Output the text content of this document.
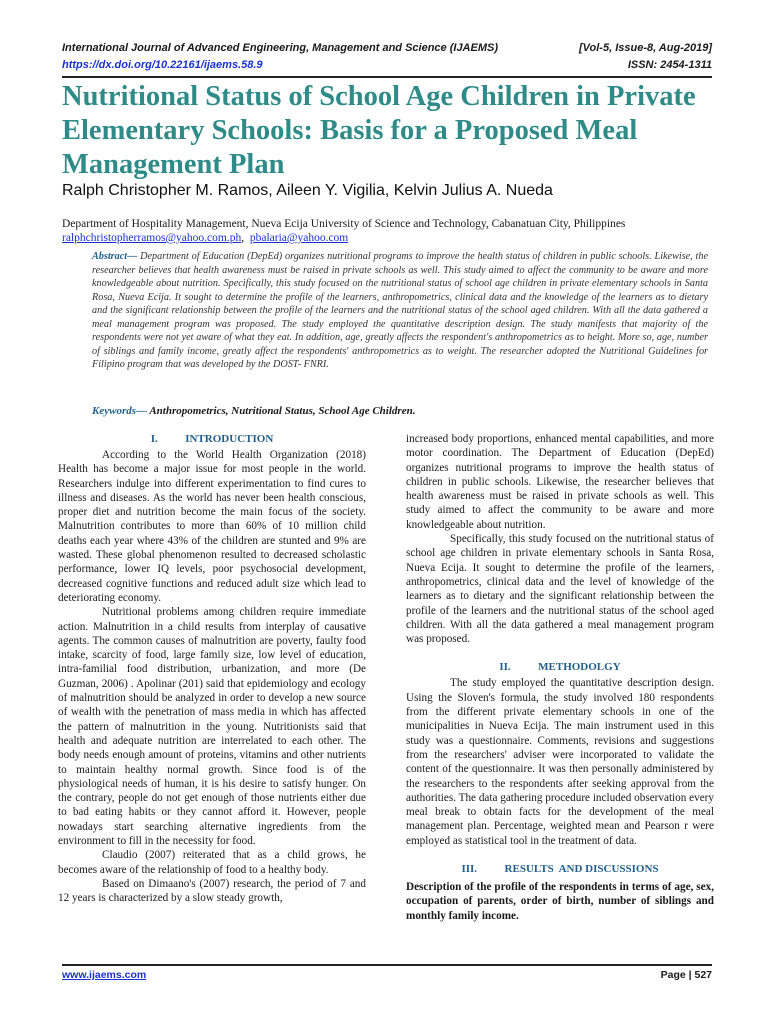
International Journal of Advanced Engineering, Management and Science (IJAEMS)	[Vol-5, Issue-8, Aug-2019]
https://dx.doi.org/10.22161/ijaems.58.9	ISSN: 2454-1311
Nutritional Status of School Age Children in Private Elementary Schools: Basis for a Proposed Meal Management Plan
Ralph Christopher M. Ramos, Aileen Y. Vigilia, Kelvin Julius A. Nueda
Department of Hospitality Management, Nueva Ecija University of Science and Technology, Cabanatuan City, Philippines
ralphchristopherramos@yahoo.com.ph,  pbalaria@yahoo.com
Abstract— Department of Education (DepEd) organizes nutritional programs to improve the health status of children in public schools. Likewise, the researcher believes that health awareness must be raised in private schools as well. This study aimed to affect the community to be aware and more knowledgeable about nutrition. Specifically, this study focused on the nutritional status of school age children in private elementary schools in Santa Rosa, Nueva Ecija. It sought to determine the profile of the learners, anthropometrics, clinical data and the knowledge of the learners as to dietary and the significant relationship between the profile of the learners and the nutritional status of the school aged children. With all the data gathered a meal management program was proposed. The study employed the quantitative description design. The study manifests that majority of the respondents were not yet aware of what they eat. In addition, age, greatly affects the respondent's anthropometrics as to height. More so, age, number of siblings and family income, greatly affect the respondents' anthropometrics as to weight. The researcher adopted the Nutritional Guidelines for Filipino program that was developed by the DOST- FNRI.
Keywords— Anthropometrics, Nutritional Status, School Age Children.
I.          INTRODUCTION

According to the World Health Organization (2018) Health has become a major issue for most people in the world. Researchers indulge into different experimentation to find cures to illness and diseases. As the world has never been health conscious, proper diet and nutrition become the main focus of the society. Malnutrition contributes to more than 60% of 10 million child deaths each year where 43% of the children are stunted and 9% are wasted. These global phenomenon resulted to decreased scholastic performance, lower IQ levels, poor psychosocial development, decreased cognitive functions and reduced adult size which lead to deteriorating economy.

Nutritional problems among children require immediate action. Malnutrition in a child results from interplay of causative agents. The common causes of malnutrition are poverty, faulty food intake, scarcity of food, large family size, low level of education, intra-familial food distribution, urbanization, and more (De Guzman, 2006) . Apolinar (201) said that epidemiology and ecology of malnutrition should be analyzed in order to develop a new source of wealth with the penetration of mass media in which has affected the pattern of malnutrition in the young. Nutritionists said that health and adequate nutrition are interrelated to each other. The body needs enough amount of proteins, vitamins and other nutrients to maintain healthy normal growth. Since food is of the physiological needs of human, it is his desire to satisfy hunger. On the contrary, people do not get enough of those nutrients either due to bad eating habits or they cannot afford it. However, people nowadays start searching alternative ingredients from the environment to fill in the necessity for food.

Claudio (2007) reiterated that as a child grows, he becomes aware of the relationship of food to a healthy body.

Based on Dimaano's (2007) research, the period of 7 and 12 years is characterized by a slow steady growth,

increased body proportions, enhanced mental capabilities, and more motor coordination. The Department of Education (DepEd) organizes nutritional programs to improve the health status of children in public schools. Likewise, the researcher believes that health awareness must be raised in private schools as well. This study aimed to affect the community to be aware and more knowledgeable about nutrition.

Specifically, this study focused on the nutritional status of school age children in private elementary schools in Santa Rosa, Nueva Ecija. It sought to determine the profile of the learners, anthropometrics, clinical data and the level of knowledge of the learners as to dietary and the significant relationship between the profile of the learners and the nutritional status of the school aged children. With all the data gathered a meal management program was proposed.

II.          METHODOLGY

The study employed the quantitative description design. Using the Sloven's formula, the study involved 180 respondents from the different private elementary schools in one of the municipalities in Nueva Ecija. The main instrument used in this study was a questionnaire. Comments, revisions and suggestions from the researchers' adviser were incorporated to validate the content of the questionnaire. It was then personally administered by the researchers to the respondents after seeking approval from the authorities. The data gathering procedure included observation every meal break to obtain facts for the development of the meal management plan. Percentage, weighted mean and Pearson r were employed as statistical tool in the treatment of data.

III.          RESULTS  AND DISCUSSIONS

Description of the profile of the respondents in terms of age, sex, occupation of parents, order of birth, number of siblings and monthly family income.

www.ijaems.com	Page | 527
